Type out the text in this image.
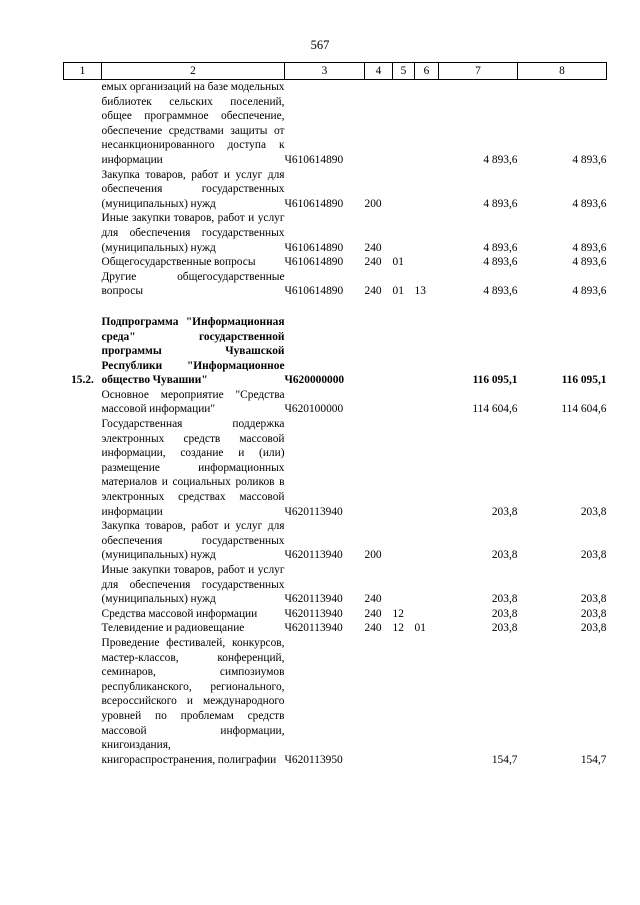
567
1	2	3	4	5	6	7	8
	емых организаций на базе модельных библиотек сельских поселений, общее программное обеспечение, обеспечение средствами защиты от несанкционированного доступа к информации	Ч610614890				4 893,6	4 893,6
	Закупка товаров, работ и услуг для обеспечения государственных (муниципальных) нужд	Ч610614890	200			4 893,6	4 893,6
	Иные закупки товаров, работ и услуг для обеспечения государственных (муниципальных) нужд	Ч610614890	240			4 893,6	4 893,6
	Общегосударственные вопросы	Ч610614890	240	01		4 893,6	4 893,6
	Другие общегосударственные вопросы	Ч610614890	240	01	13	4 893,6	4 893,6

15.2.	Подпрограмма "Информационная среда" государственной программы Чувашской Республики "Информационное общество Чувашии"	Ч620000000				116 095,1	116 095,1
	Основное мероприятие "Средства массовой информации"	Ч620100000				114 604,6	114 604,6
	Государственная поддержка электронных средств массовой информации, создание и (или) размещение информационных материалов и социальных роликов в электронных средствах массовой информации	Ч620113940				203,8	203,8
	Закупка товаров, работ и услуг для обеспечения государственных (муниципальных) нужд	Ч620113940	200			203,8	203,8
	Иные закупки товаров, работ и услуг для обеспечения государственных (муниципальных) нужд	Ч620113940	240			203,8	203,8
	Средства массовой информации	Ч620113940	240	12		203,8	203,8
	Телевидение и радиовещание	Ч620113940	240	12	01	203,8	203,8
	Проведение фестивалей, конкурсов, мастер-классов, конференций, семинаров, симпозиумов республиканского, регионального, всероссийского и международного уровней по проблемам средств массовой информации, книгоиздания, книгораспространения, полиграфии	Ч620113950				154,7	154,7
